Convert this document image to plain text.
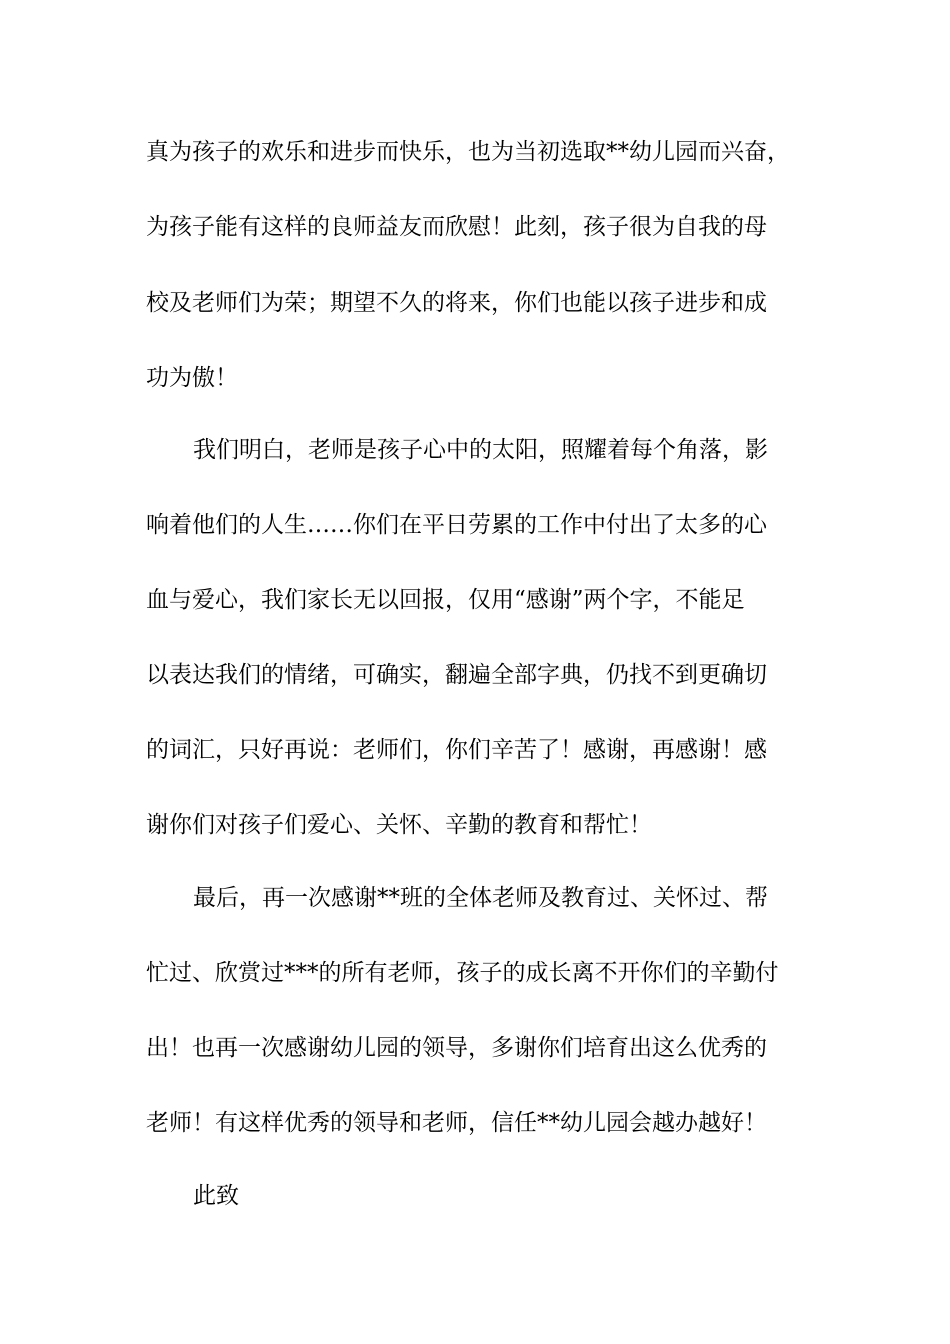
真为孩子的欢乐和进步而快乐，也为当初选取**幼儿园而兴奋，
为孩子能有这样的良师益友而欣慰！此刻，孩子很为自我的母
校及老师们为荣；期望不久的将来，你们也能以孩子进步和成
功为傲！
我们明白，老师是孩子心中的太阳，照耀着每个角落，影
响着他们的人生……你们在平日劳累的工作中付出了太多的心
血与爱心，我们家长无以回报，仅用“感谢”两个字，不能足
以表达我们的情绪，可确实，翻遍全部字典，仍找不到更确切
的词汇，只好再说：老师们，你们辛苦了！感谢，再感谢！感
谢你们对孩子们爱心、关怀、辛勤的教育和帮忙！
最后，再一次感谢**班的全体老师及教育过、关怀过、帮
忙过、欣赏过***的所有老师，孩子的成长离不开你们的辛勤付
出！也再一次感谢幼儿园的领导，多谢你们培育出这么优秀的
老师！有这样优秀的领导和老师，信任**幼儿园会越办越好！
此致
